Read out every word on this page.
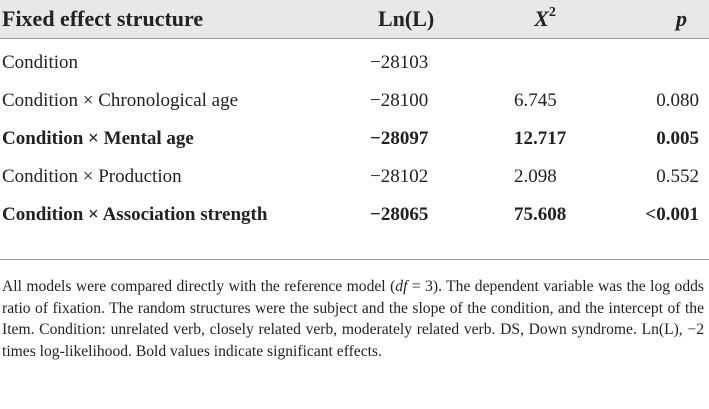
Fixed effect structure	Ln(L)	$X^2$	p
Condition	−28103		
Condition × Chronological age	−28100	6.745	0.080
Condition × Mental age	−28097	12.717	0.005
Condition × Production	−28102	2.098	0.552
Condition × Association strength	−28065	75.608	<0.001

All models were compared directly with the reference model (df = 3). The dependent variable was the log odds ratio of fixation. The random structures were the subject and the slope of the condition, and the intercept of the Item. Condition: unrelated verb, closely related verb, moderately related verb. DS, Down syndrome. Ln(L), −2 times log-likelihood. Bold values indicate significant effects.
